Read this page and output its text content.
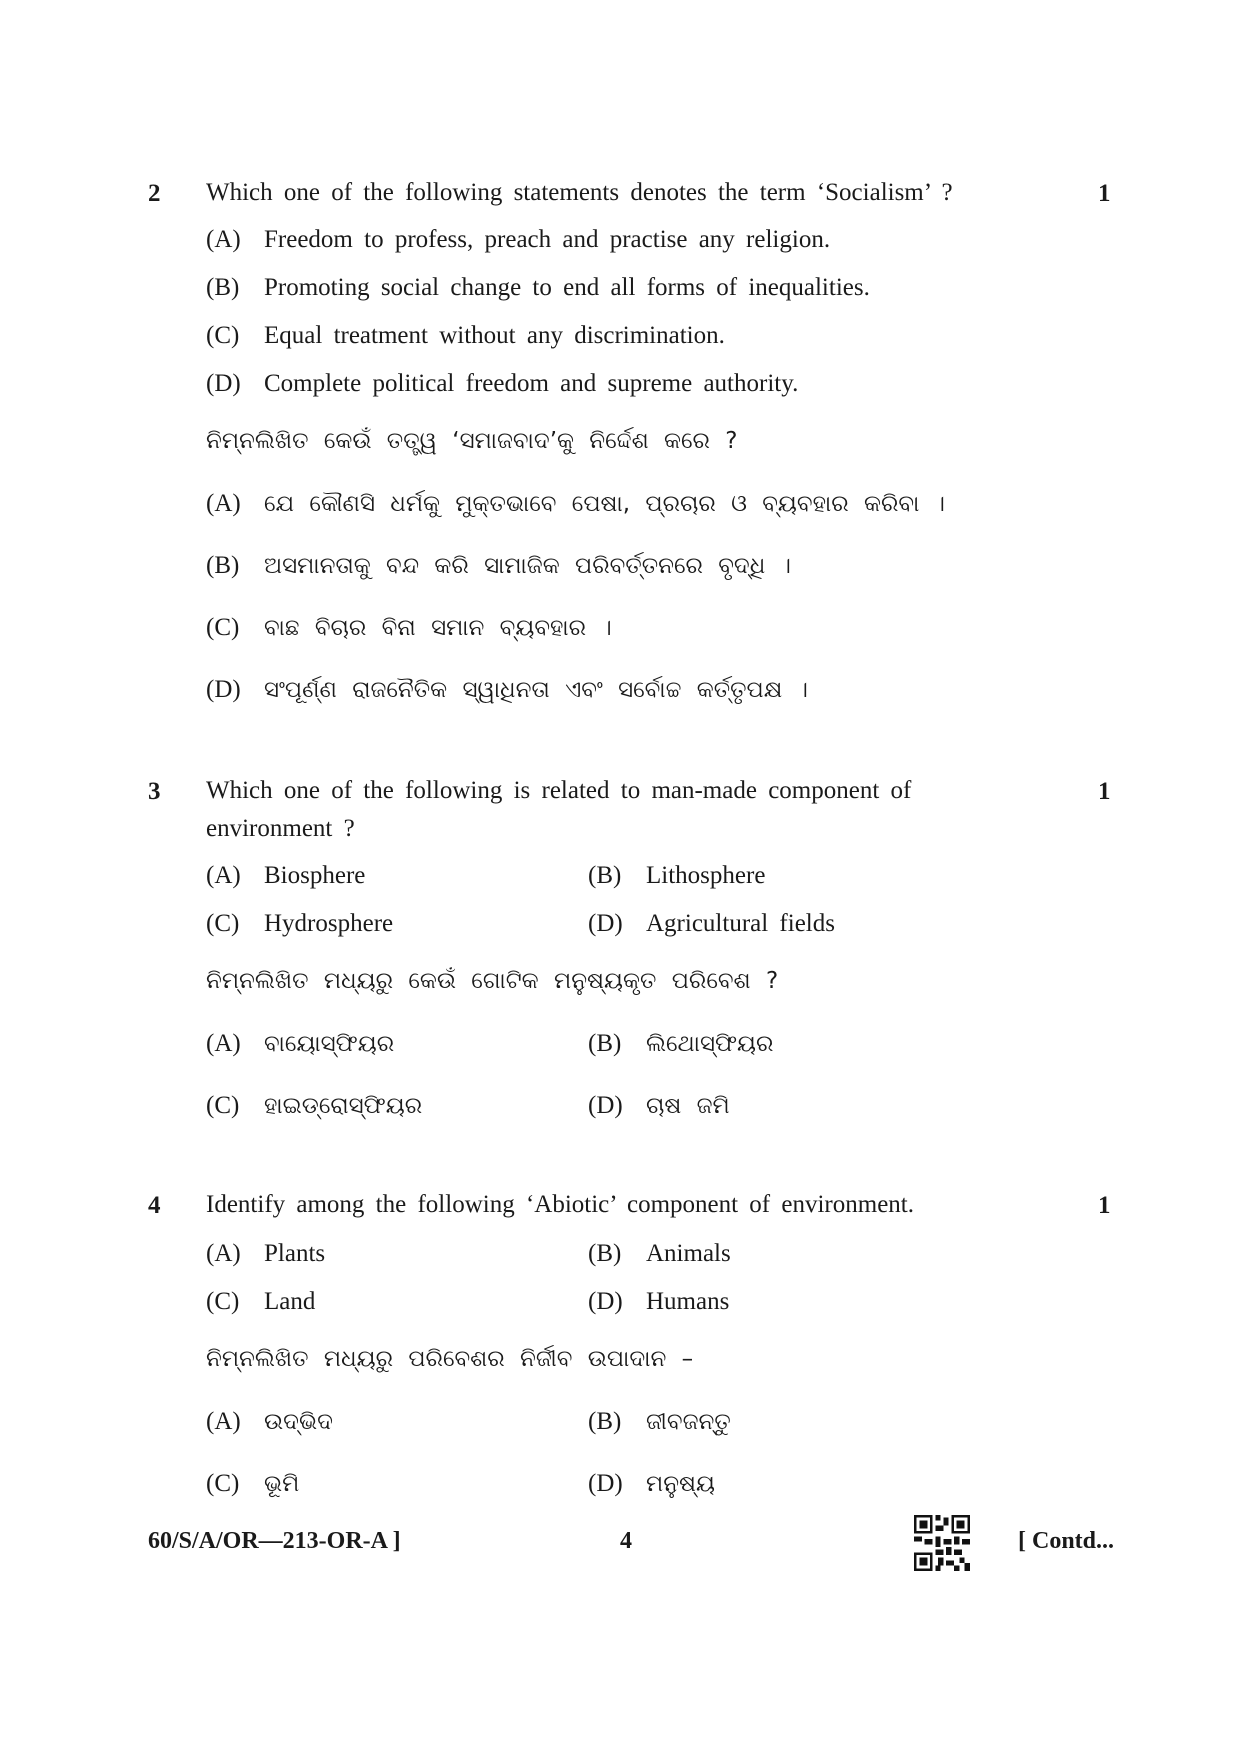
2 Which one of the following statements denotes the term ‘Socialism’ ?	1
(A) Freedom to profess, preach and practise any religion.
(B) Promoting social change to end all forms of inequalities.
(C) Equal treatment without any discrimination.
(D) Complete political freedom and supreme authority.
ନିମ୍ନଲିଖିତ କେଉଁ ତତ୍ତ୍ୱ ‘ସମାଜବାଦ’କୁ ନିର୍ଦ୍ଦେଶ କରେ ?
(A) ଯେ କୌଣସି ଧର୍ମକୁ ମୁକ୍ତଭାବେ ପେଷା, ପ୍ରଚାର ଓ ବ୍ୟବହାର କରିବା ।
(B) ଅସମାନତାକୁ ବନ୍ଦ କରି ସାମାଜିକ ପରିବର୍ତ୍ତନରେ ବୃଦ୍ଧି ।
(C) ବାଛ ବିଚାର ବିନା ସମାନ ବ୍ୟବହାର ।
(D) ସଂପୂର୍ଣ୍ଣ ରାଜନୈତିକ ସ୍ୱାଧିନତା ଏବଂ ସର୍ବୋଚ୍ଚ କର୍ତ୍ତୃପକ୍ଷ ।
3 Which one of the following is related to man-made component of environment ?
1
(A) Biosphere	(B) Lithosphere
(C) Hydrosphere	(D) Agricultural fields
ନିମ୍ନଲିଖିତ ମଧ୍ୟରୁ କେଉଁ ଗୋଟିକ ମନୁଷ୍ୟକୃତ ପରିବେଶ ?
(A) ବାୟୋସ୍ଫିୟର	(B) ଲିଥୋସ୍ଫିୟର
(C) ହାଇଡ୍ରୋସ୍ଫିୟର	(D) ଚାଷ ଜମି
4 Identify among the following ‘Abiotic’ component of environment.	1
(A) Plants	(B) Animals
(C) Land	(D) Humans
ନିମ୍ନଲିଖିତ ମଧ୍ୟରୁ ପରିବେଶର ନିର୍ଜୀବ ଉପାଦାନ –
(A) ଉଦ୍ଭିଦ	(B) ଜୀବଜନ୍ତୁ
(C) ଭୂମି	(D) ମନୁଷ୍ୟ
60/S/A/OR—213-OR-A ]	4	[ Contd...
